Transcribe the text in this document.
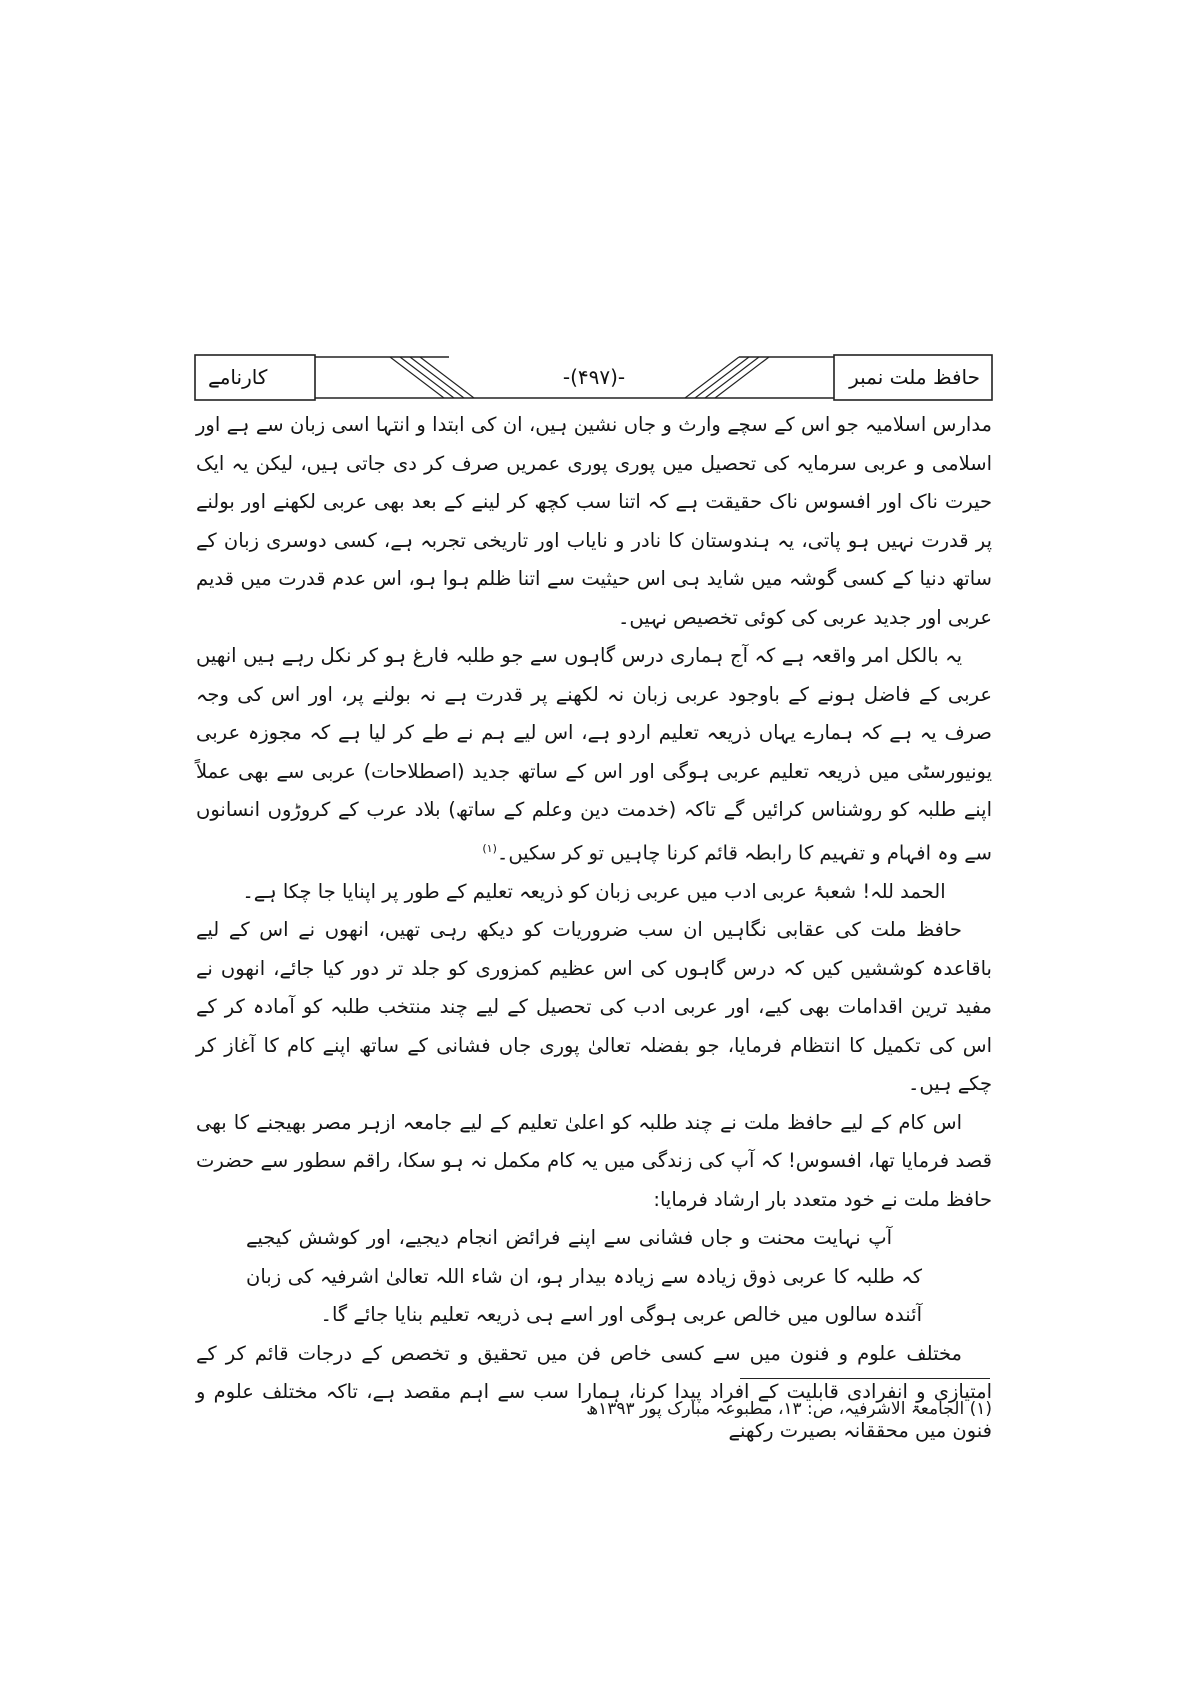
حافظ ملت نمبر
-(۴۹۷)-
کارنامے

مدارس اسلامیہ جو اس کے سچے وارث و جاں نشین ہیں، ان کی ابتدا و انتہا اسی زبان سے ہے اور اسلامی و عربی سرمایہ کی تحصیل میں پوری پوری عمریں صرف کر دی جاتی ہیں، لیکن یہ ایک حیرت ناک اور افسوس ناک حقیقت ہے کہ اتنا سب کچھ کر لینے کے بعد بھی عربی لکھنے اور بولنے پر قدرت نہیں ہو پاتی، یہ ہندوستان کا نادر و نایاب اور تاریخی تجربہ ہے، کسی دوسری زبان کے ساتھ دنیا کے کسی گوشہ میں شاید ہی اس حیثیت سے اتنا ظلم ہوا ہو، اس عدم قدرت میں قدیم عربی اور جدید عربی کی کوئی تخصیص نہیں۔

یہ بالکل امر واقعہ ہے کہ آج ہماری درس گاہوں سے جو طلبہ فارغ ہو کر نکل رہے ہیں انھیں عربی کے فاضل ہونے کے باوجود عربی زبان نہ لکھنے پر قدرت ہے نہ بولنے پر، اور اس کی وجہ صرف یہ ہے کہ ہمارے یہاں ذریعہ تعلیم اردو ہے، اس لیے ہم نے طے کر لیا ہے کہ مجوزہ عربی یونیورسٹی میں ذریعہ تعلیم عربی ہوگی اور اس کے ساتھ جدید (اصطلاحات) عربی سے بھی عملاً اپنے طلبہ کو روشناس کرائیں گے تاکہ (خدمت دین وعلم کے ساتھ) بلاد عرب کے کروڑوں انسانوں سے وہ افہام و تفہیم کا رابطہ قائم کرنا چاہیں تو کر سکیں۔$^{(۱)}$

الحمد للہ! شعبۂ عربی ادب میں عربی زبان کو ذریعہ تعلیم کے طور پر اپنایا جا چکا ہے۔

حافظ ملت کی عقابی نگاہیں ان سب ضروریات کو دیکھ رہی تھیں، انھوں نے اس کے لیے باقاعدہ کوششیں کیں کہ درس گاہوں کی اس عظیم کمزوری کو جلد تر دور کیا جائے، انھوں نے مفید ترین اقدامات بھی کیے، اور عربی ادب کی تحصیل کے لیے چند منتخب طلبہ کو آمادہ کر کے اس کی تکمیل کا انتظام فرمایا، جو بفضلہ تعالیٰ پوری جاں فشانی کے ساتھ اپنے کام کا آغاز کر چکے ہیں۔

اس کام کے لیے حافظ ملت نے چند طلبہ کو اعلیٰ تعلیم کے لیے جامعہ ازہر مصر بھیجنے کا بھی قصد فرمایا تھا، افسوس! کہ آپ کی زندگی میں یہ کام مکمل نہ ہو سکا، راقم سطور سے حضرت حافظ ملت نے خود متعدد بار ارشاد فرمایا:

آپ نہایت محنت و جاں فشانی سے اپنے فرائض انجام دیجیے، اور کوشش کیجیے کہ طلبہ کا عربی ذوق زیادہ سے زیادہ بیدار ہو، ان شاء اللہ تعالیٰ اشرفیہ کی زبان آئندہ سالوں میں خالص عربی ہوگی اور اسے ہی ذریعہ تعلیم بنایا جائے گا۔

مختلف علوم و فنون میں سے کسی خاص فن میں تحقیق و تخصص کے درجات قائم کر کے امتیازی و انفرادی قابلیت کے افراد پیدا کرنا، ہمارا سب سے اہم مقصد ہے، تاکہ مختلف علوم و فنون میں محققانہ بصیرت رکھنے

(۱) الجامعۃ الاشرفیہ، ص: ۱۳، مطبوعہ مبارک پور ۱۳۹۳ھ
